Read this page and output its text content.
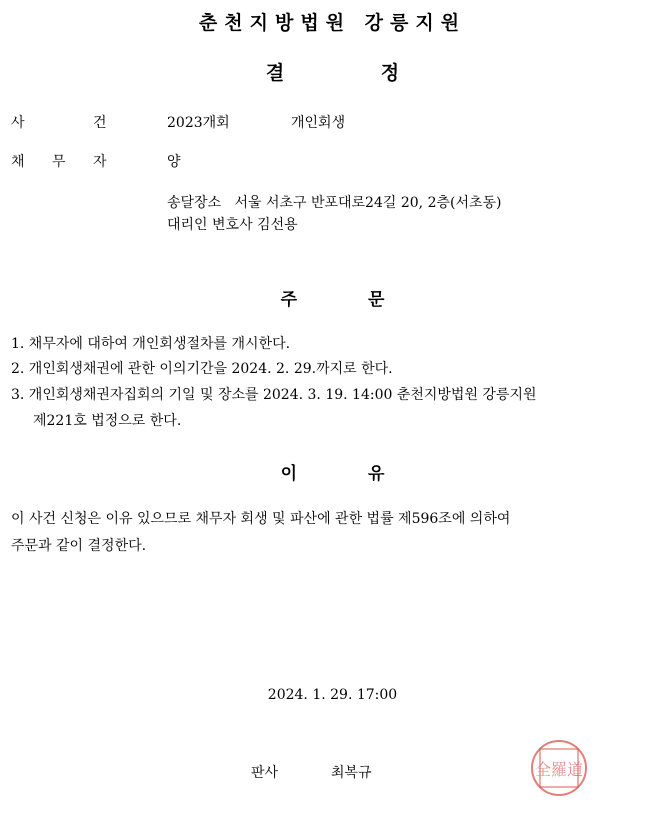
춘천지방법원 강릉지원
결 정
사	건	2023개회	개인회생
채 무 자	양
송달장소   서울 서초구 반포대로24길 20, 2층(서초동)
대리인 변호사 김선용
주 문
1. 채무자에 대하여 개인회생절차를 개시한다.
2. 개인회생채권에 관한 이의기간을 2024. 2. 29.까지로 한다.
3. 개인회생채권자집회의 기일 및 장소를 2024. 3. 19. 14:00 춘천지방법원 강릉지원
제221호 법정으로 한다.
이 유
이 사건 신청은 이유 있으므로 채무자 회생 및 파산에 관한 법률 제596조에 의하여
주문과 같이 결정한다.
2024. 1. 29. 17:00
판사	최복규	全羅道
